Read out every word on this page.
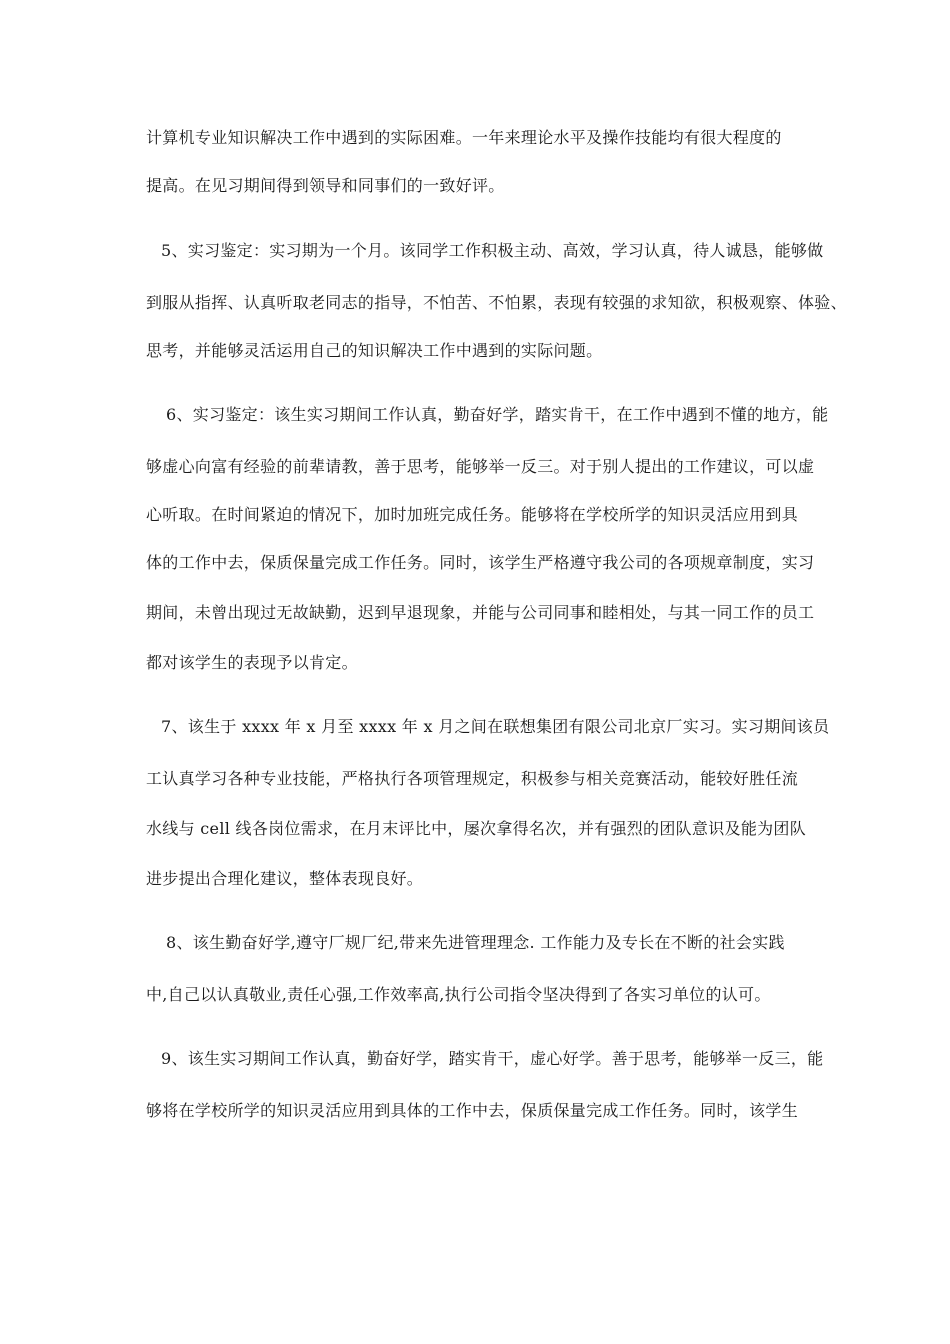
计算机专业知识解决工作中遇到的实际困难。一年来理论水平及操作技能均有很大程度的
提高。在见习期间得到领导和同事们的一致好评。
5、实习鉴定：实习期为一个月。该同学工作积极主动、高效，学习认真，待人诚恳，能够做
到服从指挥、认真听取老同志的指导，不怕苦、不怕累，表现有较强的求知欲，积极观察、体验、
思考，并能够灵活运用自己的知识解决工作中遇到的实际问题。
6、实习鉴定：该生实习期间工作认真，勤奋好学，踏实肯干，在工作中遇到不懂的地方，能
够虚心向富有经验的前辈请教，善于思考，能够举一反三。对于别人提出的工作建议，可以虚
心听取。在时间紧迫的情况下，加时加班完成任务。能够将在学校所学的知识灵活应用到具
体的工作中去，保质保量完成工作任务。同时，该学生严格遵守我公司的各项规章制度，实习
期间，未曾出现过无故缺勤，迟到早退现象，并能与公司同事和睦相处，与其一同工作的员工
都对该学生的表现予以肯定。
7、该生于 xxxx 年 x 月至 xxxx 年 x 月之间在联想集团有限公司北京厂实习。实习期间该员
工认真学习各种专业技能，严格执行各项管理规定，积极参与相关竞赛活动，能较好胜任流
水线与 cell 线各岗位需求，在月末评比中，屡次拿得名次，并有强烈的团队意识及能为团队
进步提出合理化建议，整体表现良好。
8、该生勤奋好学,遵守厂规厂纪,带来先进管理理念. 工作能力及专长在不断的社会实践
中,自己以认真敬业,责任心强,工作效率高,执行公司指令坚决得到了各实习单位的认可。
9、该生实习期间工作认真，勤奋好学，踏实肯干，虚心好学。善于思考，能够举一反三，能
够将在学校所学的知识灵活应用到具体的工作中去，保质保量完成工作任务。同时，该学生
